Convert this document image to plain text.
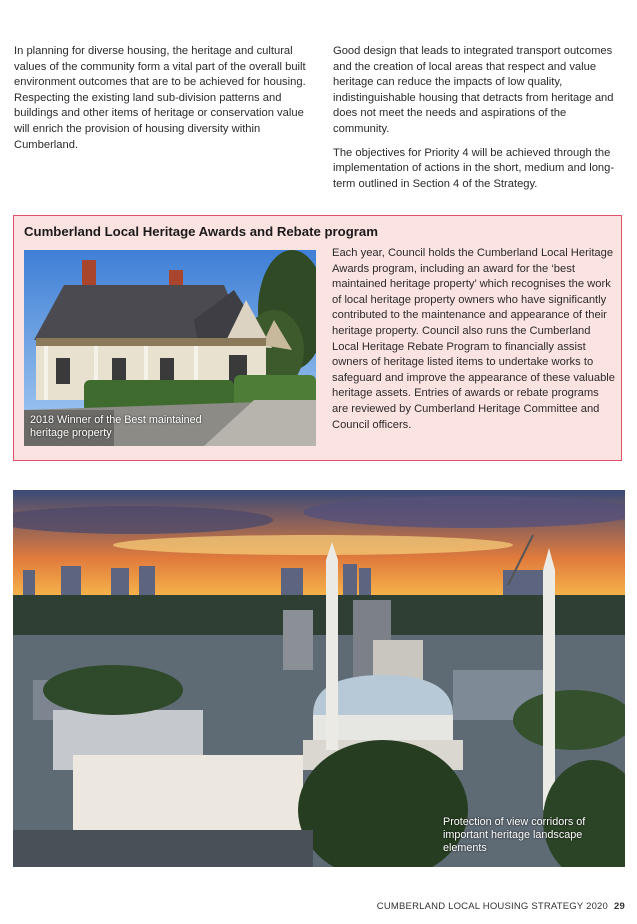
In planning for diverse housing, the heritage and cultural values of the community form a vital part of the overall built environment outcomes that are to be achieved for housing. Respecting the existing land sub-division patterns and buildings and other items of heritage or conservation value will enrich the provision of housing diversity within Cumberland.

Good design that leads to integrated transport outcomes and the creation of local areas that respect and value heritage can reduce the impacts of low quality, indistinguishable housing that detracts from heritage and does not meet the needs and aspirations of the community.

The objectives for Priority 4 will be achieved through the implementation of actions in the short, medium and long-term outlined in Section 4 of the Strategy.

Cumberland Local Heritage Awards and Rebate program
2018 Winner of the Best maintained heritage property

Each year, Council holds the Cumberland Local Heritage Awards program, including an award for the ‘best maintained heritage property’ which recognises the work of local heritage property owners who have significantly contributed to the maintenance and appearance of their heritage property. Council also runs the Cumberland Local Heritage Rebate Program to financially assist owners of heritage listed items to undertake works to safeguard and improve the appearance of these valuable heritage assets. Entries of awards or rebate programs are reviewed by Cumberland Heritage Committee and Council officers.

Protection of view corridors of important heritage landscape elements
CUMBERLAND LOCAL HOUSING STRATEGY 2020 29
